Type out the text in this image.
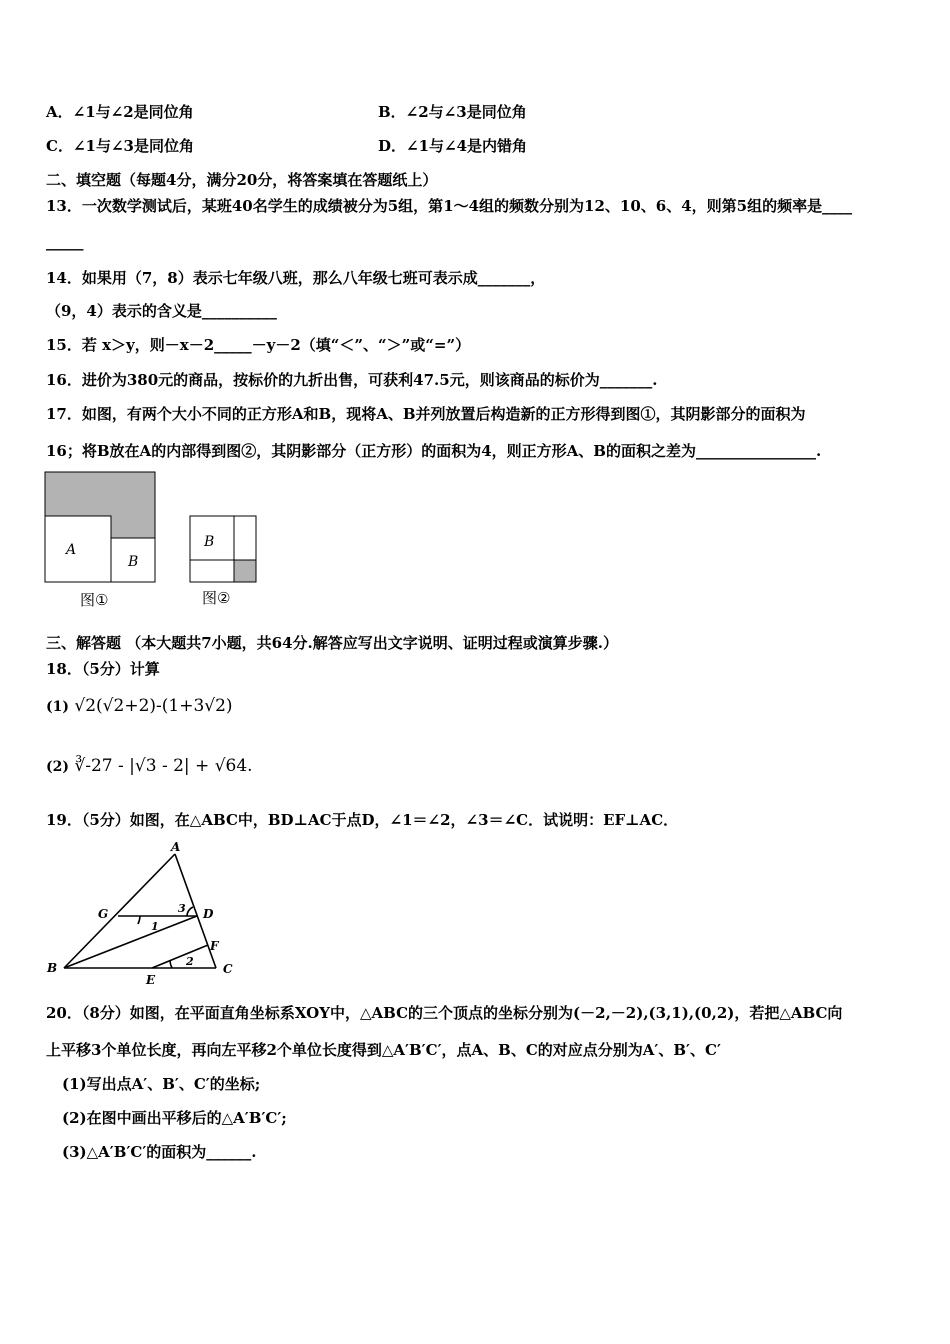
A．∠1与∠2是同位角	B．∠2与∠3是同位角
C．∠1与∠3是同位角	D．∠1与∠4是内错角
二、填空题（每题4分，满分20分，将答案填在答题纸上）
13．一次数学测试后，某班40名学生的成绩被分为5组，第1～4组的频数分别为12、10、6、4，则第5组的频率是____
_____
14．如果用（7，8）表示七年级八班，那么八年级七班可表示成_______，
（9，4）表示的含义是__________
15．若 x＞y，则－x－2_____－y－2（填“＜”、“＞”或“=”）
16．进价为380元的商品，按标价的九折出售，可获利47.5元，则该商品的标价为_______.
17．如图，有两个大小不同的正方形A和B，现将A、B并列放置后构造新的正方形得到图①，其阴影部分的面积为
16；将B放在A的内部得到图②，其阴影部分（正方形）的面积为4，则正方形A、B的面积之差为________________.
A
B
B
图①	图②
三、解答题 （本大题共7小题，共64分.解答应写出文字说明、证明过程或演算步骤.）
18．（5分）计算
(1) √2(√2+2)-(1+3√2)
(2) ∛-27 - |√3 - 2| + √64.
19．（5分）如图，在△ABC中，BD⊥AC于点D，∠1＝∠2，∠3＝∠C．试说明：EF⊥AC．
A
B	C
D
E
F
G
1
2
3
20．（8分）如图，在平面直角坐标系XOY中，△ABC的三个顶点的坐标分别为(－2,－2),(3,1),(0,2)，若把△ABC向
上平移3个单位长度，再向左平移2个单位长度得到△A′B′C′，点A、B、C的对应点分别为A′、B′、C′
(1)写出点A′、B′、C′的坐标;
(2)在图中画出平移后的△A′B′C′;
(3)△A′B′C′的面积为______.
